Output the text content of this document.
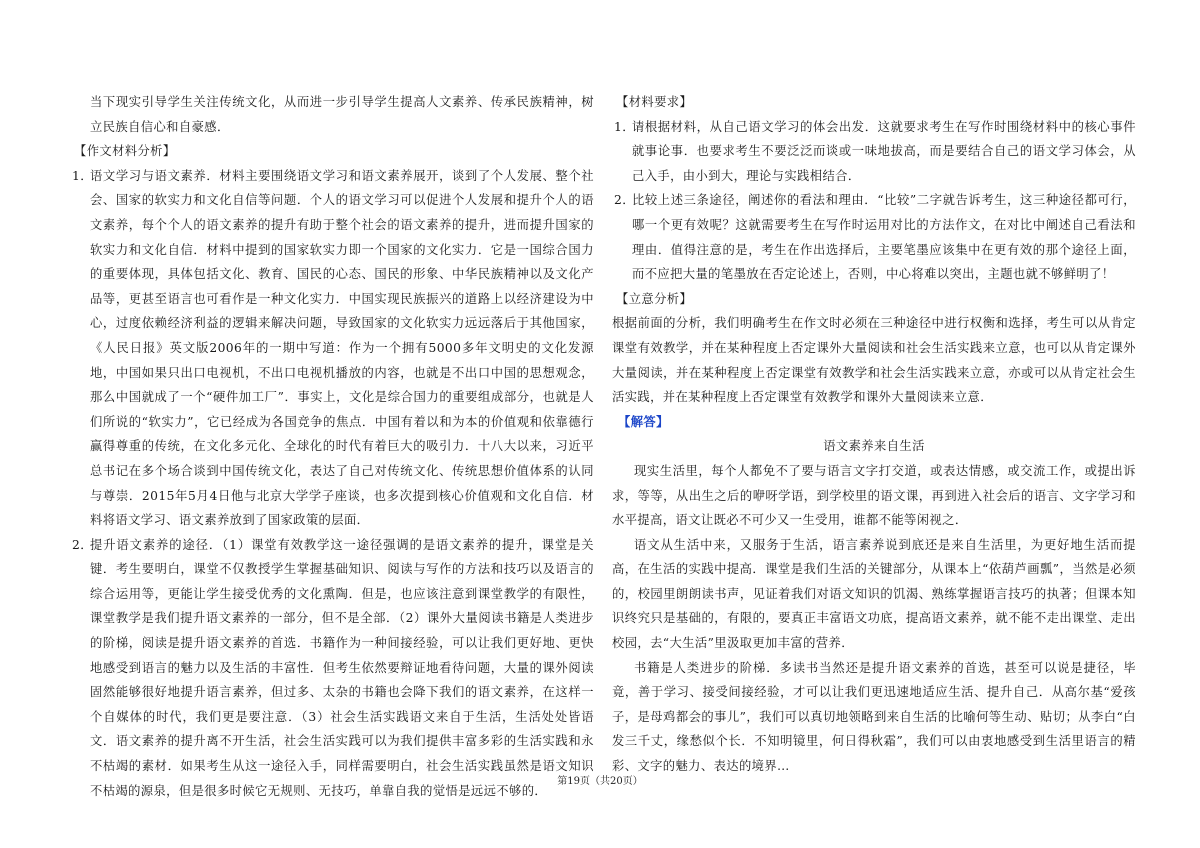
当下现实引导学生关注传统文化，从而进一步引导学生提高人文素养、传承民族精神，树立民族自信心和自豪感．

【作文材料分析】

1．
语文学习与语文素养．材料主要围绕语文学习和语文素养展开，谈到了个人发展、整个社会、国家的软实力和文化自信等问题．个人的语文学习可以促进个人发展和提升个人的语文素养，每个个人的语文素养的提升有助于整个社会的语文素养的提升，进而提升国家的软实力和文化自信．材料中提到的国家软实力即一个国家的文化实力．它是一国综合国力的重要体现，具体包括文化、教育、国民的心态、国民的形象、中华民族精神以及文化产品等，更甚至语言也可看作是一种文化实力．中国实现民族振兴的道路上以经济建设为中心，过度依赖经济利益的逻辑来解决问题，导致国家的文化软实力远远落后于其他国家，《人民日报》英文版2006年的一期中写道：作为一个拥有5000多年文明史的文化发源地，中国如果只出口电视机，不出口电视机播放的内容，也就是不出口中国的思想观念，那么中国就成了一个“硬件加工厂”．事实上，文化是综合国力的重要组成部分，也就是人们所说的“软实力”，它已经成为各国竞争的焦点．中国有着以和为本的价值观和依靠德行赢得尊重的传统，在文化多元化、全球化的时代有着巨大的吸引力．十八大以来，习近平总书记在多个场合谈到中国传统文化，表达了自己对传统文化、传统思想价值体系的认同与尊崇．2015年5月4日他与北京大学学子座谈，也多次提到核心价值观和文化自信．材料将语文学习、语文素养放到了国家政策的层面．
2．
提升语文素养的途径．（1）课堂有效教学这一途径强调的是语文素养的提升，课堂是关键．考生要明白，课堂不仅教授学生掌握基础知识、阅读与写作的方法和技巧以及语言的综合运用等，更能让学生接受优秀的文化熏陶．但是，也应该注意到课堂教学的有限性，课堂教学是我们提升语文素养的一部分，但不是全部．（2）课外大量阅读书籍是人类进步的阶梯，阅读是提升语文素养的首选．书籍作为一种间接经验，可以让我们更好地、更快地感受到语言的魅力以及生活的丰富性．但考生依然要辩证地看待问题，大量的课外阅读固然能够很好地提升语言素养，但过多、太杂的书籍也会降下我们的语文素养，在这样一个自媒体的时代，我们更是要注意．（3）社会生活实践语文来自于生活，生活处处皆语文．语文素养的提升离不开生活，社会生活实践可以为我们提供丰富多彩的生活实践和永不枯竭的素材．如果考生从这一途径入手，同样需要明白，社会生活实践虽然是语文知识不枯竭的源泉，但是很多时候它无规则、无技巧，单靠自我的觉悟是远远不够的．

【材料要求】

1．
请根据材料，从自己语文学习的体会出发．这就要求考生在写作时围绕材料中的核心事件就事论事．也要求考生不要泛泛而谈或一味地拔高，而是要结合自己的语文学习体会，从己入手，由小到大，理论与实践相结合．
2．
比较上述三条途径，阐述你的看法和理由．“比较”二字就告诉考生，这三种途径都可行，哪一个更有效呢？这就需要考生在写作时运用对比的方法作文，在对比中阐述自己看法和理由．值得注意的是，考生在作出选择后，主要笔墨应该集中在更有效的那个途径上面，而不应把大量的笔墨放在否定论述上，否则，中心将难以突出，主题也就不够鲜明了！

【立意分析】

根据前面的分析，我们明确考生在作文时必须在三种途径中进行权衡和选择，考生可以从肯定课堂有效教学，并在某种程度上否定课外大量阅读和社会生活实践来立意，也可以从肯定课外大量阅读，并在某种程度上否定课堂有效教学和社会生活实践来立意，亦或可以从肯定社会生活实践，并在某种程度上否定课堂有效教学和课外大量阅读来立意．

【解答】

语文素养来自生活

现实生活里，每个人都免不了要与语言文字打交道，或表达情感，或交流工作，或提出诉求，等等，从出生之后的咿呀学语，到学校里的语文课，再到进入社会后的语言、文字学习和水平提高，语文让既必不可少又一生受用，谁都不能等闲视之．

语文从生活中来，又服务于生活，语言素养说到底还是来自生活里，为更好地生活而提高，在生活的实践中提高．课堂是我们生活的关键部分，从课本上“依葫芦画瓢”，当然是必须的，校园里朗朗读书声，见证着我们对语文知识的饥渴、熟练掌握语言技巧的执著；但课本知识终究只是基础的，有限的，要真正丰富语文功底，提高语文素养，就不能不走出课堂、走出校园，去“大生活”里汲取更加丰富的营养．

书籍是人类进步的阶梯．多读书当然还是提升语文素养的首选，甚至可以说是捷径，毕竟，善于学习、接受间接经验，才可以让我们更迅速地适应生活、提升自己．从高尔基“爱孩子，是母鸡都会的事儿”，我们可以真切地领略到来自生活的比喻何等生动、贴切；从李白“白发三千丈，缘愁似个长．不知明镜里，何日得秋霜”，我们可以由衷地感受到生活里语言的精彩、文字的魅力、表达的境界…

第19页（共20页）
